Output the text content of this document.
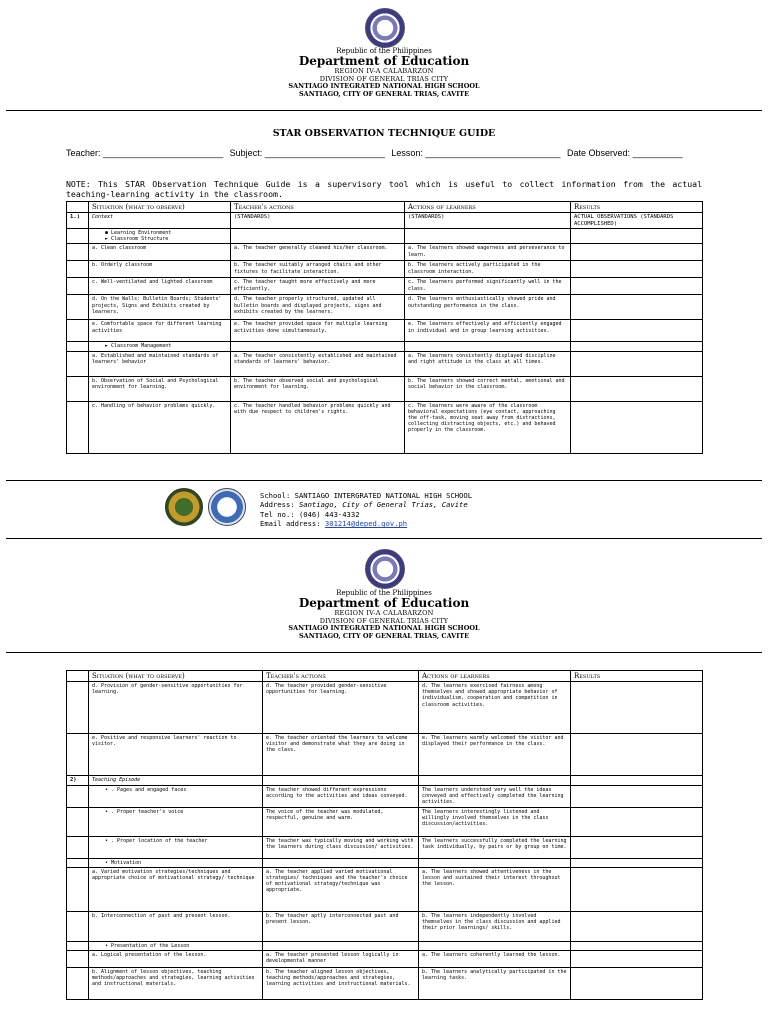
Republic of the Philippines
Department of Education
REGION IV-A CALABARZON
DIVISION OF GENERAL TRIAS CITY
SANTIAGO INTEGRATED NATIONAL HIGH SCHOOL
SANTIAGO, CITY OF GENERAL TRIAS, CAVITE
STAR OBSERVATION TECHNIQUE GUIDE
Teacher: ________________________ Subject: ________________________ Lesson: ___________________________ Date Observed: __________
NOTE: This STAR Observation Technique Guide is a supervisory tool which is useful to collect information from the actual teaching-learning activity in the classroom.
	Situation (what to observe)	Teacher's actions	Actions of learners	Results
1.)	Context	(STANDARDS)	(STANDARDS)	ACTUAL OBSERVATIONS (STANDARDS ACCOMPLISHED)
	● Learning Environment
► Classroom Structure			
	a. Clean classroom	a. The teacher generally cleaned his/her classroom.	a. The learners showed eagerness and perseverance to learn.	
	b. Orderly classroom	b. The teacher suitably arranged chairs and other fixtures to facilitate interaction.	b. The learners actively participated in the classroom interaction.	
	c. Well-ventilated and lighted classroom	c. The teacher taught more effectively and more efficiently.	c. The learners performed significantly well in the class.	
	d. On the Walls: Bulletin Boards; Students' projects, Signs and Exhibits created by learners.	d. The teacher properly structured, updated all bulletin boards and displayed projects, signs and exhibits created by the learners.	d. The learners enthusiastically showed pride and outstanding performance in the class.	
	e. Comfortable space for different learning activities	e. The teacher provided space for multiple learning activities done simultaneously.	e. The learners effectively and efficiently engaged in individual and in group learning activities.	
	► Classroom Management			
	a. Established and maintained standards of learners' behavior	a. The teacher consistently established and maintained standards of learners' behavior.	a. The learners consistently displayed discipline and right attitude in the class at all times.	
	b. Observation of Social and Psychological environment for learning.	b. The teacher observed social and psychological environment for learning.	b. The learners showed correct mental, emotional and social behavior in the classroom.	
	c. Handling of behavior problems quickly.	c. The teacher handled behavior problems quickly and with due respect to children's rights.	c. The learners were aware of the classroom behavioral expectations (eye contact, approaching the off-task, moving seat away from distractions, collecting distracting objects, etc.) and behaved properly in the classroom.	
School: SANTIAGO INTERGRATED NATIONAL HIGH SCHOOL
Address: Santiago, City of General Trias, Cavite
Tel no.: (046) 443-4332
Email address: 301214@deped.gov.ph
Republic of the Philippines
Department of Education
REGION IV-A CALABARZON
DIVISION OF GENERAL TRIAS CITY
SANTIAGO INTEGRATED NATIONAL HIGH SCHOOL
SANTIAGO, CITY OF GENERAL TRIAS, CAVITE
	Situation (what to observe)	Teacher's actions	Actions of learners	Results
	d. Provision of gender-sensitive opportunities for learning.	d. The teacher provided gender-sensitive opportunities for learning.	d. The learners exercised fairness among themselves and showed appropriate behavior of individualism, cooperation and competition in classroom activities.	
	e. Positive and responsive learners' reaction to visitor.	e. The teacher oriented the learners to welcome visitor and demonstrate what they are doing in the class.	e. The learners warmly welcomed the visitor and displayed their performance in the class.	
2)	Teaching Episode			
	• . Pages and engaged faces	The teacher showed different expressions according to the activities and ideas conveyed.	The learners understood very well the ideas conveyed and effectively completed the learning activities.	
	• . Proper teacher's voice	The voice of the teacher was modulated, respectful, genuine and warm.	The learners interestingly listened and willingly involved themselves in the class discussion/activities.	
	• . Proper location of the teacher	The teacher was typically moving and working with the learners during class discussion/ activities.	The learners successfully completed the learning task individually, by pairs or by group on time.	
	• Motivation			
	a. Varied motivation strategies/techniques and appropriate choice of motivational strategy/ technique	a. The teacher applied varied motivational strategies/ techniques and the teacher's choice of motivational strategy/technique was appropriate.	a. The learners showed attentiveness in the lesson and sustained their interest throughout the lesson.	
	b. Interconnection of past and present lesson.	b. The teacher aptly interconnected past and present lesson.	b. The learners independently involved themselves in the class discussion and applied their prior learnings/ skills.	
	• Presentation of the Lesson			
	a. Logical presentation of the lesson.	a. The teacher presented lesson logically in developmental manner	a. The learners coherently learned the lesson.	
	b. Alignment of lesson objectives, teaching methods/approaches and strategies, learning activities and instructional materials.	b. The teacher aligned lesson objectives, teaching methods/approaches and strategies, learning activities and instructional materials.	b. The learners analytically participated in the learning tasks.	
